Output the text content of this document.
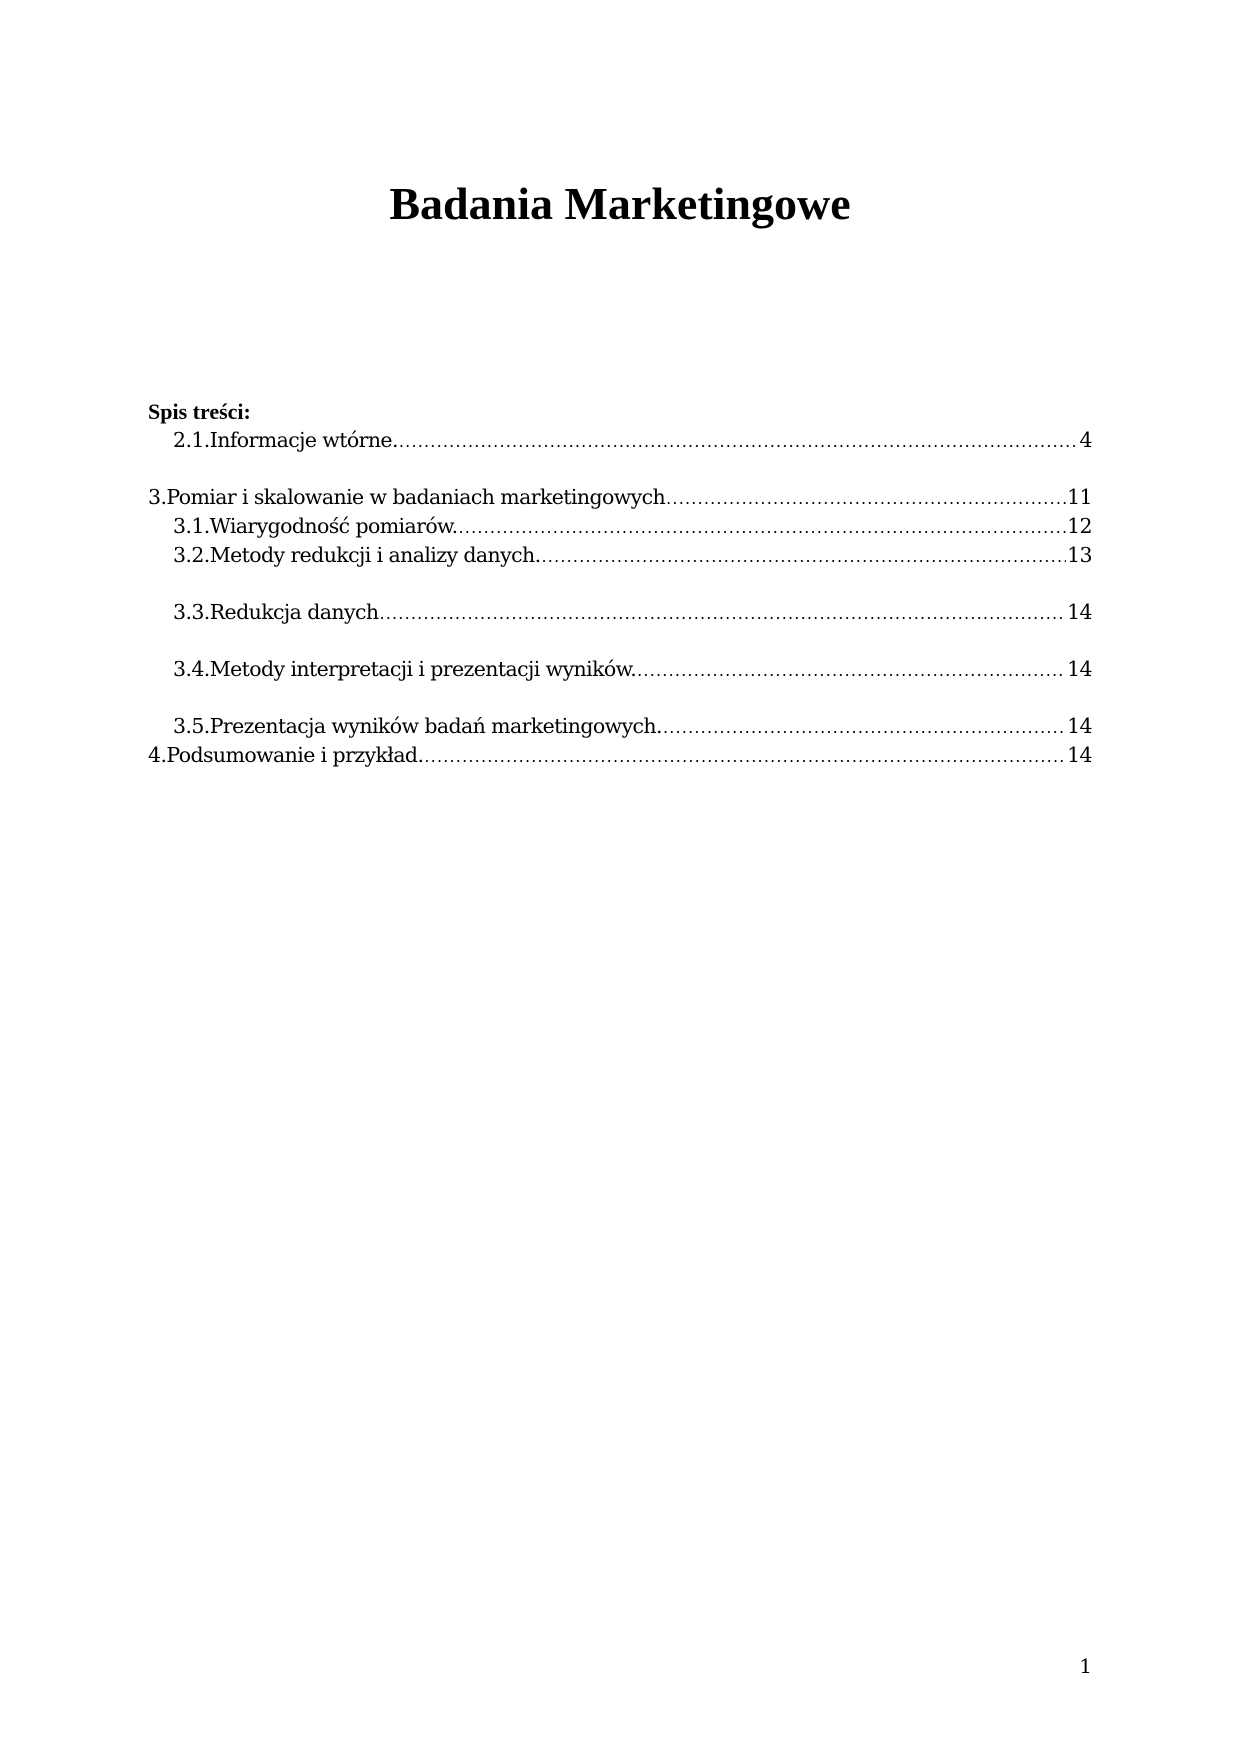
Badania Marketingowe
Spis treści:
2.1. Informacje wtórne. .....	4
3. Pomiar i skalowanie w badaniach marketingowych .....	11
3.1. Wiarygodność pomiarów. .....	12
3.2. Metody redukcji i analizy danych. .....	13
3.3. Redukcja danych .....	14
3.4. Metody interpretacji i prezentacji wyników. .....	14
3.5. Prezentacja wyników badań marketingowych. .....	14
4. Podsumowanie i przykład. .....	14
1
